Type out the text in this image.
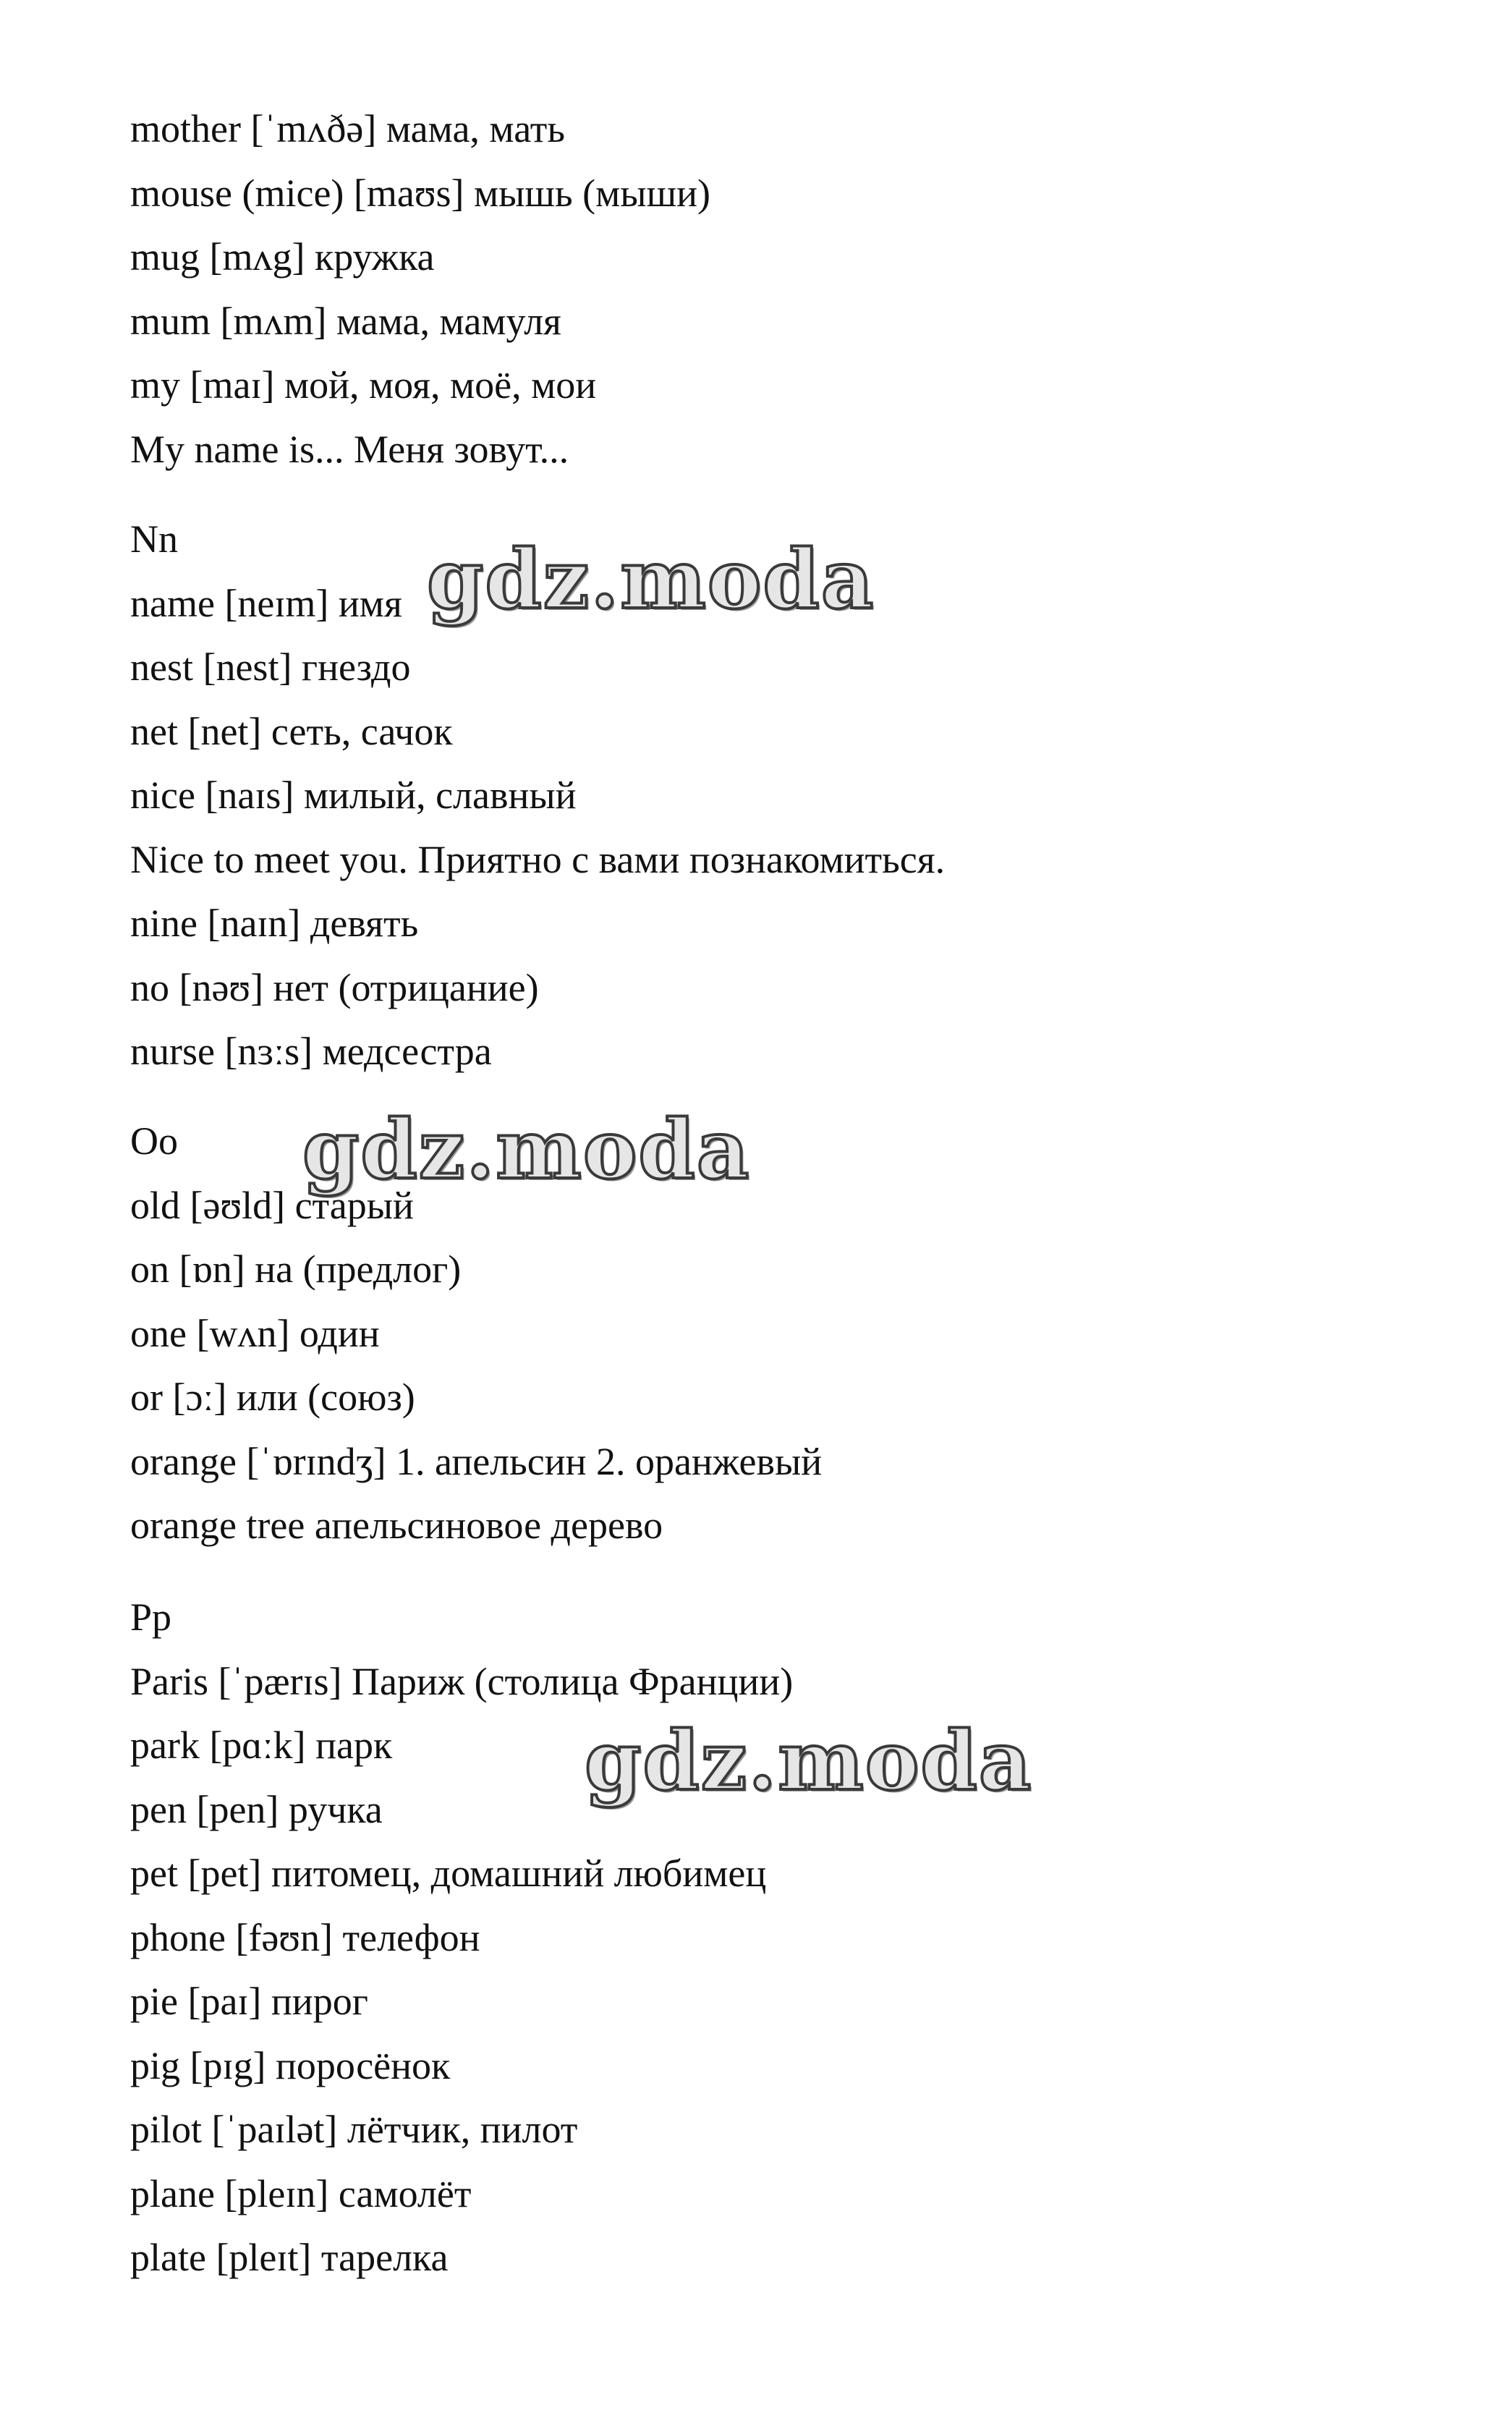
mother [ˈmʌðə] мама, мать
mouse (mice) [maʊs] мышь (мыши)
mug [mʌg] кружка
mum [mʌm] мама, мамуля
my [maɪ] мой, моя, моё, мои
My name is... Меня зовут...
Nn
name [neɪm] имя
nest [nest] гнездо
net [net] сеть, сачок
nice [naɪs] милый, славный
Nice to meet you. Приятно с вами познакомиться.
nine [naɪn] девять
no [nəʊ] нет (отрицание)
nurse [nɜːs] медсестра
Oo
old [əʊld] старый
on [ɒn] на (предлог)
one [wʌn] один
or [ɔː] или (союз)
orange [ˈɒrɪndʒ] 1. апельсин 2. оранжевый
orange tree апельсиновое дерево
Pp
Paris [ˈpærɪs] Париж (столица Франции)
park [pɑːk] парк
pen [pen] ручка
pet [pet] питомец, домашний любимец
phone [fəʊn] телефон
pie [paɪ] пирог
pig [pɪg] поросёнок
pilot [ˈpaɪlət] лётчик, пилот
plane [pleɪn] самолёт
plate [pleɪt] тарелка
gdz.moda
gdz.moda
gdz.moda
